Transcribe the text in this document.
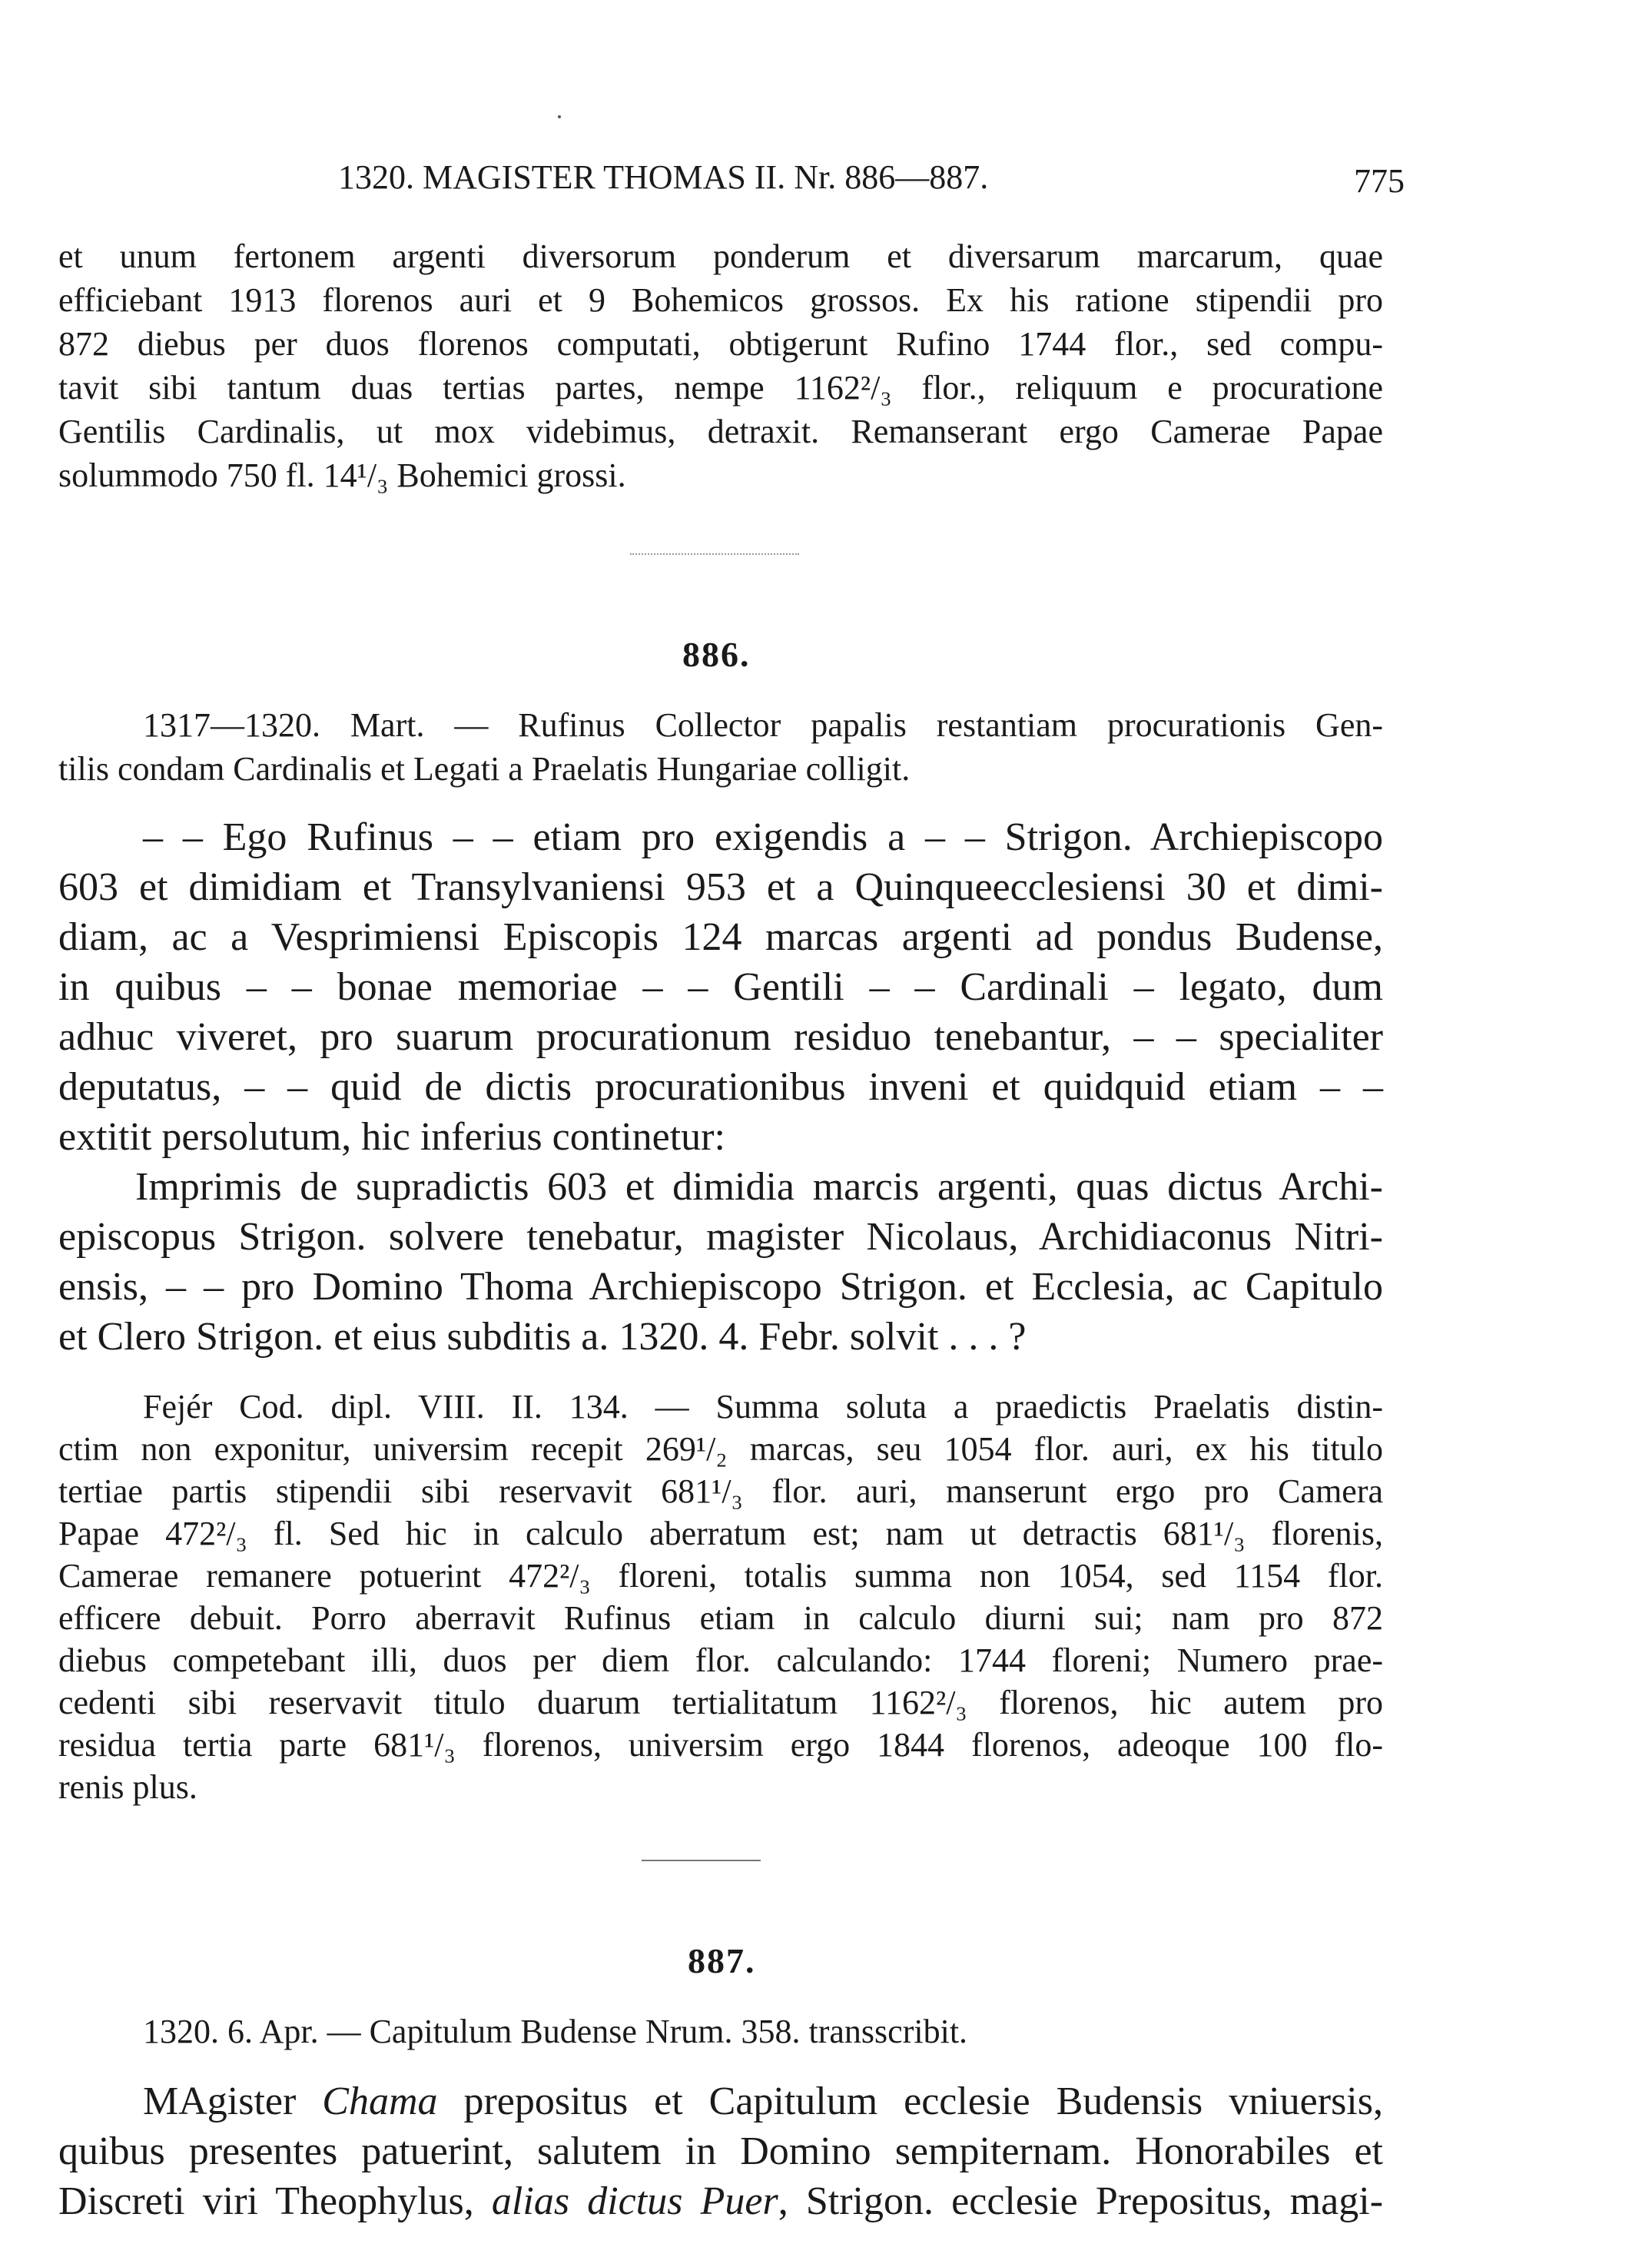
1320. MAGISTER THOMAS II. Nr. 886—887.	775
et unum fertonem argenti diversorum ponderum et diversarum marcarum, quae
efficiebant 1913 florenos auri et 9 Bohemicos grossos. Ex his ratione stipendii pro
872 diebus per duos florenos computati, obtigerunt Rufino 1744 flor., sed compu-
tavit sibi tantum duas tertias partes, nempe 1162²/₃ flor., reliquum e procuratione
Gentilis Cardinalis, ut mox videbimus, detraxit. Remanserant ergo Camerae Papae
solummodo 750 fl. 14¹/₃ Bohemici grossi.
886.
1317—1320. Mart. — Rufinus Collector papalis restantiam procurationis Gen-
tilis condam Cardinalis et Legati a Praelatis Hungariae colligit.
– – Ego Rufinus – – etiam pro exigendis a – – Strigon. Archiepiscopo
603 et dimidiam et Transylvaniensi 953 et a Quinqueecclesiensi 30 et dimi-
diam, ac a Vesprimiensi Episcopis 124 marcas argenti ad pondus Budense,
in quibus – – bonae memoriae – – Gentili – – Cardinali – legato, dum
adhuc viveret, pro suarum procurationum residuo tenebantur, – – specialiter
deputatus, – – quid de dictis procurationibus inveni et quidquid etiam – –
extitit persolutum, hic inferius continetur:
Imprimis de supradictis 603 et dimidia marcis argenti, quas dictus Archi-
episcopus Strigon. solvere tenebatur, magister Nicolaus, Archidiaconus Nitri-
ensis, – – pro Domino Thoma Archiepiscopo Strigon. et Ecclesia, ac Capitulo
et Clero Strigon. et eius subditis a. 1320. 4. Febr. solvit . . . ?
Fejér Cod. dipl. VIII. II. 134. — Summa soluta a praedictis Praelatis distin-
ctim non exponitur, universim recepit 269¹/₂ marcas, seu 1054 flor. auri, ex his titulo
tertiae partis stipendii sibi reservavit 681¹/₃ flor. auri, manserunt ergo pro Camera
Papae 472²/₃ fl. Sed hic in calculo aberratum est; nam ut detractis 681¹/₃ florenis,
Camerae remanere potuerint 472²/₃ floreni, totalis summa non 1054, sed 1154 flor.
efficere debuit. Porro aberravit Rufinus etiam in calculo diurni sui; nam pro 872
diebus competebant illi, duos per diem flor. calculando: 1744 floreni; Numero prae-
cedenti sibi reservavit titulo duarum tertialitatum 1162²/₃ florenos, hic autem pro
residua tertia parte 681¹/₃ florenos, universim ergo 1844 florenos, adeoque 100 flo-
renis plus.
887.
1320. 6. Apr. — Capitulum Budense Nrum. 358. transscribit.
MAgister Chama prepositus et Capitulum ecclesie Budensis vniuersis,
quibus presentes patuerint, salutem in Domino sempiternam. Honorabiles et
Discreti viri Theophylus, alias dictus Puer, Strigon. ecclesie Prepositus, magi-
